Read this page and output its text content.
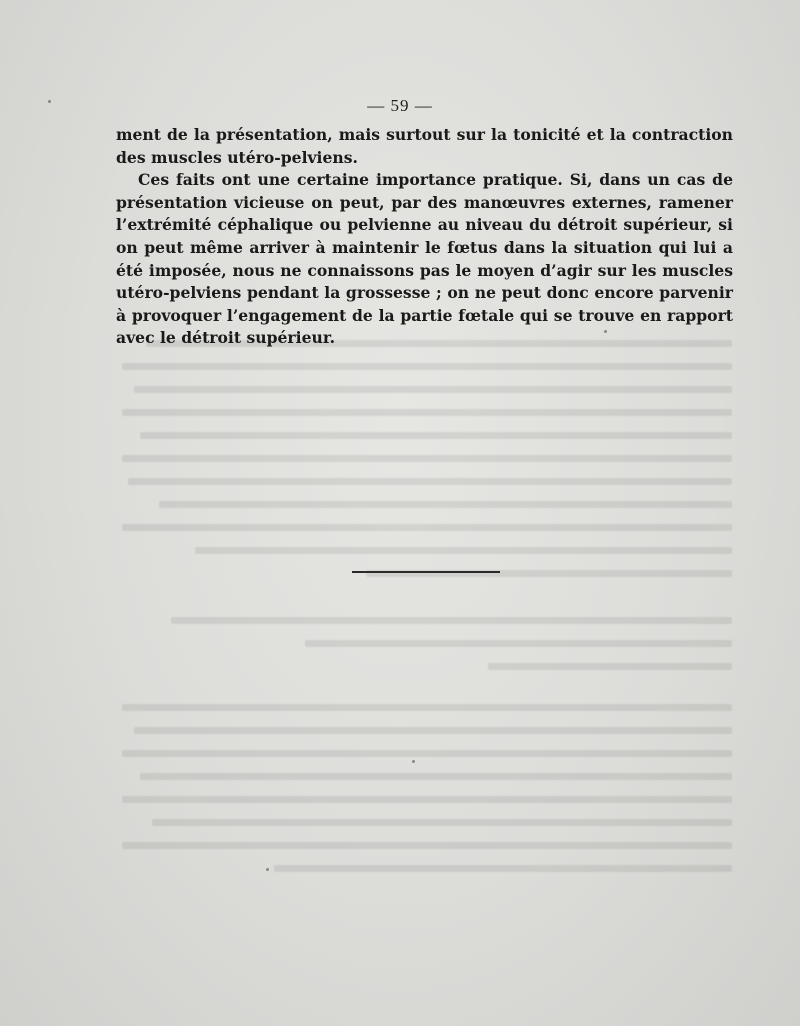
— 59 —

ment de la présentation, mais surtout sur la tonicité et la contraction des muscles utéro-pelviens.

Ces faits ont une certaine importance pratique. Si, dans un cas de présentation vicieuse on peut, par des manœuvres externes, ramener l’extrémité céphalique ou pelvienne au niveau du détroit supérieur, si on peut même arriver à maintenir le fœtus dans la situation qui lui a été imposée, nous ne connaissons pas le moyen d’agir sur les muscles utéro-pelviens pendant la grossesse ; on ne peut donc encore parvenir à provoquer l’engagement de la partie fœtale qui se trouve en rapport avec le détroit supérieur.
